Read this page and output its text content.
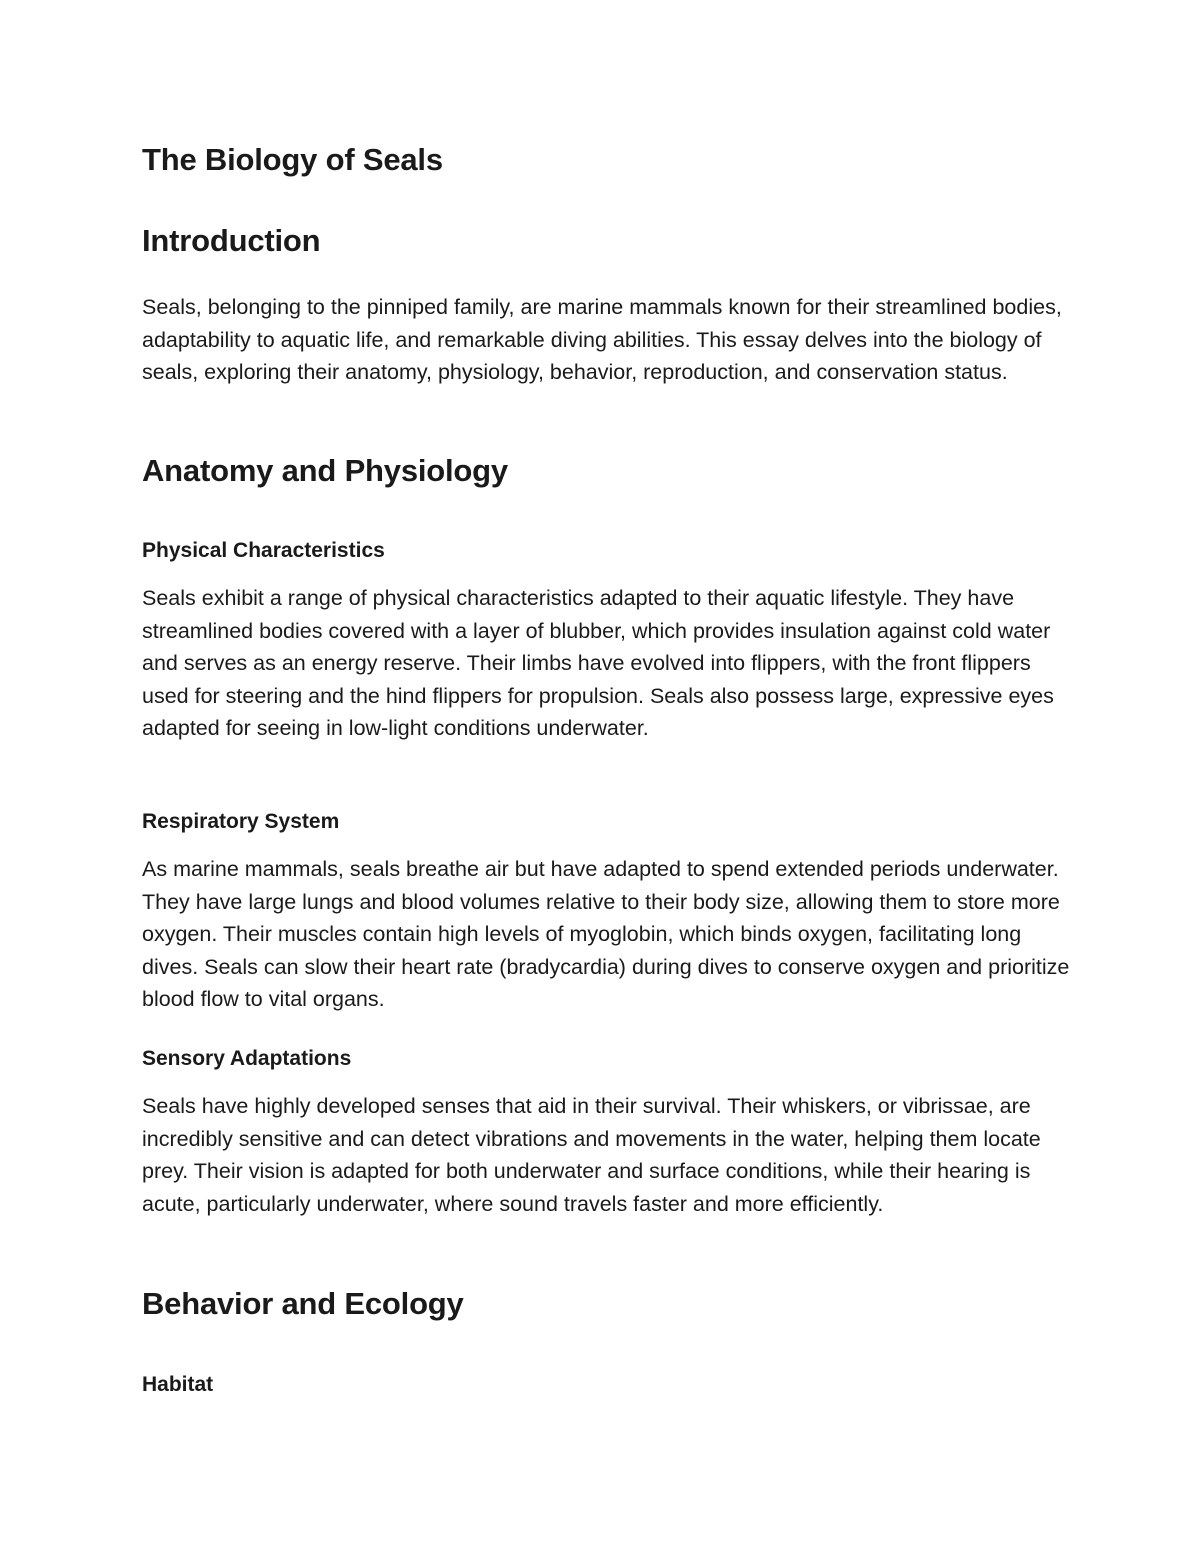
The Biology of Seals
Introduction

Seals, belonging to the pinniped family, are marine mammals known for their streamlined bodies, adaptability to aquatic life, and remarkable diving abilities. This essay delves into the biology of seals, exploring their anatomy, physiology, behavior, reproduction, and conservation status.

Anatomy and Physiology
Physical Characteristics

Seals exhibit a range of physical characteristics adapted to their aquatic lifestyle. They have streamlined bodies covered with a layer of blubber, which provides insulation against cold water and serves as an energy reserve. Their limbs have evolved into flippers, with the front flippers used for steering and the hind flippers for propulsion. Seals also possess large, expressive eyes adapted for seeing in low-light conditions underwater.

Respiratory System

As marine mammals, seals breathe air but have adapted to spend extended periods underwater. They have large lungs and blood volumes relative to their body size, allowing them to store more oxygen. Their muscles contain high levels of myoglobin, which binds oxygen, facilitating long dives. Seals can slow their heart rate (bradycardia) during dives to conserve oxygen and prioritize blood flow to vital organs.

Sensory Adaptations

Seals have highly developed senses that aid in their survival. Their whiskers, or vibrissae, are incredibly sensitive and can detect vibrations and movements in the water, helping them locate prey. Their vision is adapted for both underwater and surface conditions, while their hearing is acute, particularly underwater, where sound travels faster and more efficiently.

Behavior and Ecology
Habitat
